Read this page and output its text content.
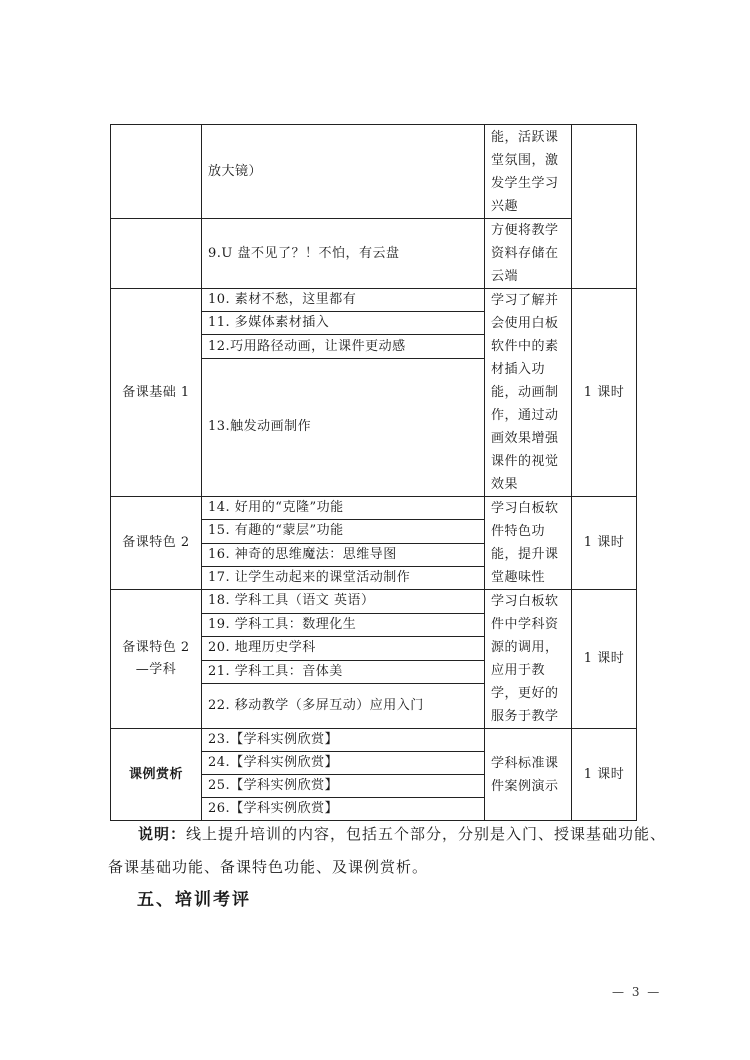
	放大镜）	能，活跃课堂氛围，激发学生学习兴趣	
	9.U 盘不见了？！不怕，有云盘	方便将教学资料存储在云端	
备课基础 1	10. 素材不愁，这里都有	学习了解并会使用白板软件中的素材插入功能，动画制作，通过动画效果增强课件的视觉效果	1 课时
	11. 多媒体素材插入		
	12.巧用路径动画，让课件更动感		
	13.触发动画制作		
备课特色 2	14. 好用的“克隆”功能	学习白板软件特色功能，提升课堂趣味性	1 课时
	15. 有趣的“蒙层”功能		
	16. 神奇的思维魔法：思维导图		
	17. 让学生动起来的课堂活动制作		
备课特色 2—学科	18. 学科工具（语文 英语）	学习白板软件中学科资源的调用，应用于教学，更好的服务于教学	1 课时
	19. 学科工具：数理化生		
	20. 地理历史学科		
	21. 学科工具：音体美		
	22. 移动教学（多屏互动）应用入门		
课例赏析	23.【学科实例欣赏】	学科标准课件案例演示	1 课时
	24.【学科实例欣赏】		
	25.【学科实例欣赏】		
	26.【学科实例欣赏】		

说明：线上提升培训的内容，包括五个部分，分别是入门、授课基础功能、备课基础功能、备课特色功能、及课例赏析。

五、培训考评
— 3 —
